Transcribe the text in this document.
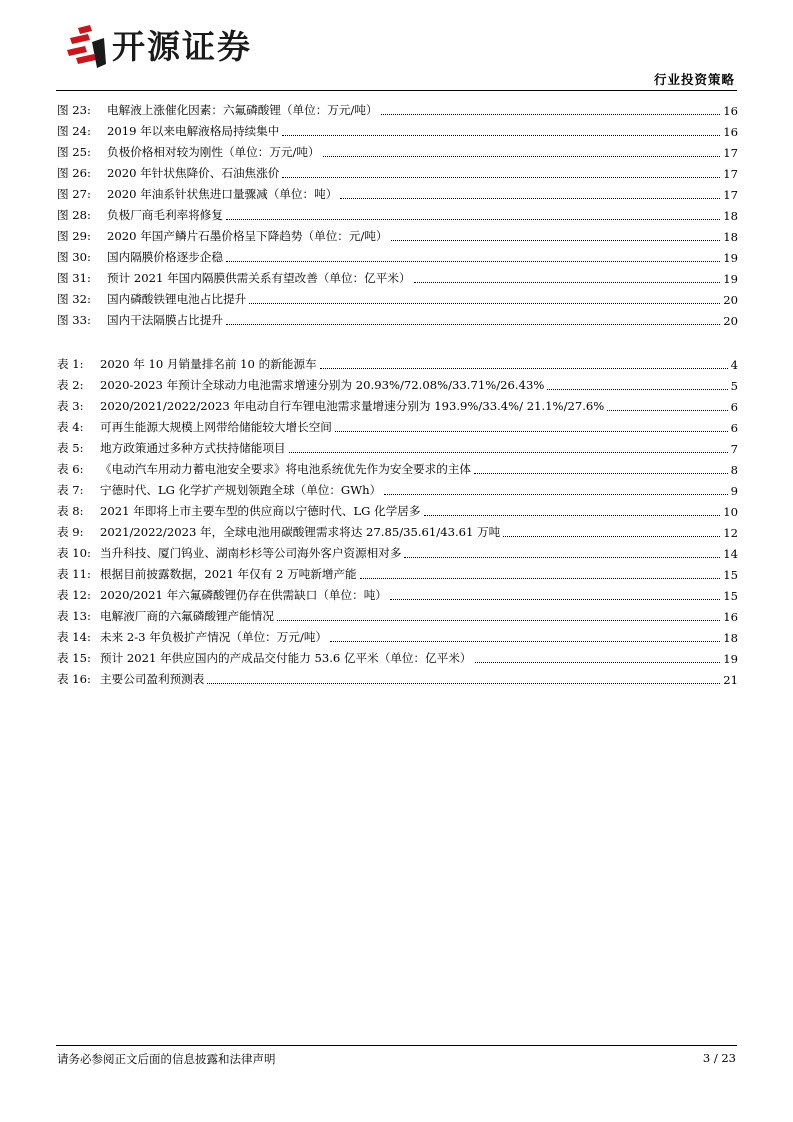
开源证券
行业投资策略
图 23:	电解液上涨催化因素：六氟磷酸锂（单位：万元/吨）	16
图 24:	2019 年以来电解液格局持续集中	16
图 25:	负极价格相对较为刚性（单位：万元/吨）	17
图 26:	2020 年针状焦降价、石油焦涨价	17
图 27:	2020 年油系针状焦进口量骤减（单位：吨）	17
图 28:	负极厂商毛利率将修复	18
图 29:	2020 年国产鳞片石墨价格呈下降趋势（单位：元/吨）	18
图 30:	国内隔膜价格逐步企稳	19
图 31:	预计 2021 年国内隔膜供需关系有望改善（单位：亿平米）	19
图 32:	国内磷酸铁锂电池占比提升	20
图 33:	国内干法隔膜占比提升	20
表 1:	2020 年 10 月销量排名前 10 的新能源车	4
表 2:	2020-2023 年预计全球动力电池需求增速分别为 20.93%/72.08%/33.71%/26.43%	5
表 3:	2020/2021/2022/2023 年电动自行车锂电池需求量增速分别为 193.9%/33.4%/ 21.1%/27.6%	6
表 4:	可再生能源大规模上网带给储能较大增长空间	6
表 5:	地方政策通过多种方式扶持储能项目	7
表 6:	《电动汽车用动力蓄电池安全要求》将电池系统优先作为安全要求的主体	8
表 7:	宁德时代、LG 化学扩产规划领跑全球（单位：GWh）	9
表 8:	2021 年即将上市主要车型的供应商以宁德时代、LG 化学居多	10
表 9:	2021/2022/2023 年，全球电池用碳酸锂需求将达 27.85/35.61/43.61 万吨	12
表 10: 当升科技、厦门钨业、湖南杉杉等公司海外客户资源相对多	14
表 11: 根据目前披露数据，2021 年仅有 2 万吨新增产能	15
表 12: 2020/2021 年六氟磷酸锂仍存在供需缺口（单位：吨）	15
表 13: 电解液厂商的六氟磷酸锂产能情况	16
表 14: 未来 2-3 年负极扩产情况（单位：万元/吨）	18
表 15: 预计 2021 年供应国内的产成品交付能力 53.6 亿平米（单位：亿平米）	19
表 16: 主要公司盈利预测表	21
请务必参阅正文后面的信息披露和法律声明	3 / 23
